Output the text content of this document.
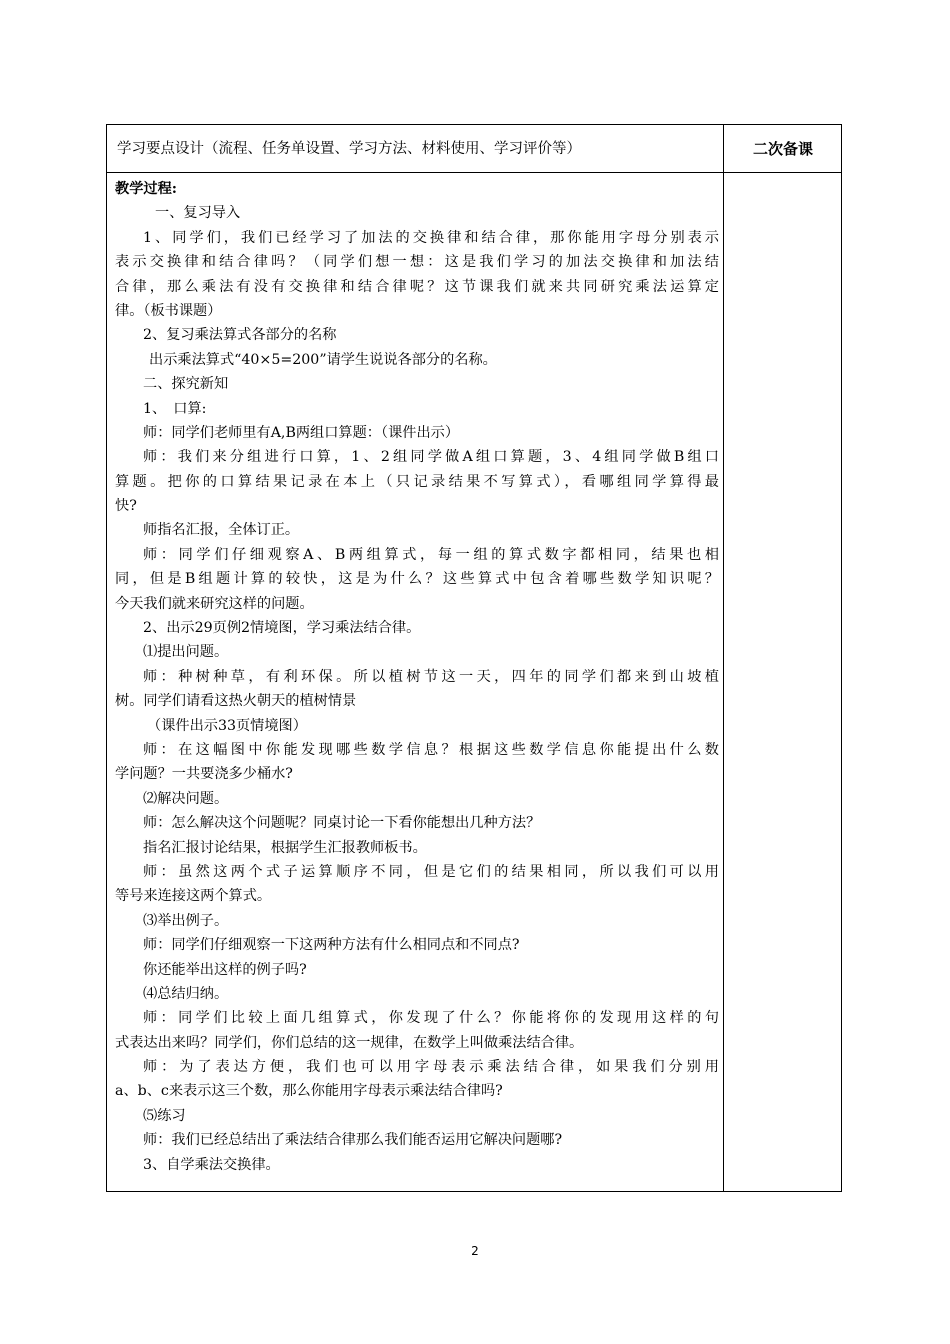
学习要点设计（流程、任务单设置、学习方法、材料使用、学习评价等）	二次备课
教学过程:
一、复习导入
1、同学们，我们已经学习了加法的交换律和结合律，那你能用字母分别表示
表示交换律和结合律吗？（同学们想一想：这是我们学习的加法交换律和加法结
合律，那么乘法有没有交换律和结合律呢？这节课我们就来共同研究乘法运算定
律。（板书课题）
2、复习乘法算式各部分的名称
出示乘法算式“40×5=200”请学生说说各部分的名称。
二、探究新知
1、　口算:
师：同学们老师里有A,B两组口算题：（课件出示）
师：我们来分组进行口算，1、2组同学做A组口算题，3、4组同学做B组口
算题。把你的口算结果记录在本上（只记录结果不写算式），看哪组同学算得最
快?
师指名汇报，全体订正。
师：同学们仔细观察A、B两组算式，每一组的算式数字都相同，结果也相
同，但是B组题计算的较快，这是为什么？这些算式中包含着哪些数学知识呢？
今天我们就来研究这样的问题。
2、出示29页例2情境图，学习乘法结合律。
⑴提出问题。
师：种树种草，有利环保。所以植树节这一天，四年的同学们都来到山坡植
树。同学们请看这热火朝天的植树情景
（课件出示33页情境图）
师：在这幅图中你能发现哪些数学信息？根据这些数学信息你能提出什么数
学问题？一共要浇多少桶水?
⑵解决问题。
师：怎么解决这个问题呢？同桌讨论一下看你能想出几种方法？
指名汇报讨论结果，根据学生汇报教师板书。
师：虽然这两个式子运算顺序不同，但是它们的结果相同，所以我们可以用
等号来连接这两个算式。
⑶举出例子。
师：同学们仔细观察一下这两种方法有什么相同点和不同点?
你还能举出这样的例子吗?
⑷总结归纳。
师：同学们比较上面几组算式，你发现了什么？你能将你的发现用这样的句
式表达出来吗？同学们，你们总结的这一规律，在数学上叫做乘法结合律。
师：为了表达方便，我们也可以用字母表示乘法结合律，如果我们分别用
a、b、c来表示这三个数，那么你能用字母表示乘法结合律吗?
⑸练习
师：我们已经总结出了乘法结合律那么我们能否运用它解决问题哪?
3、自学乘法交换律。
2
